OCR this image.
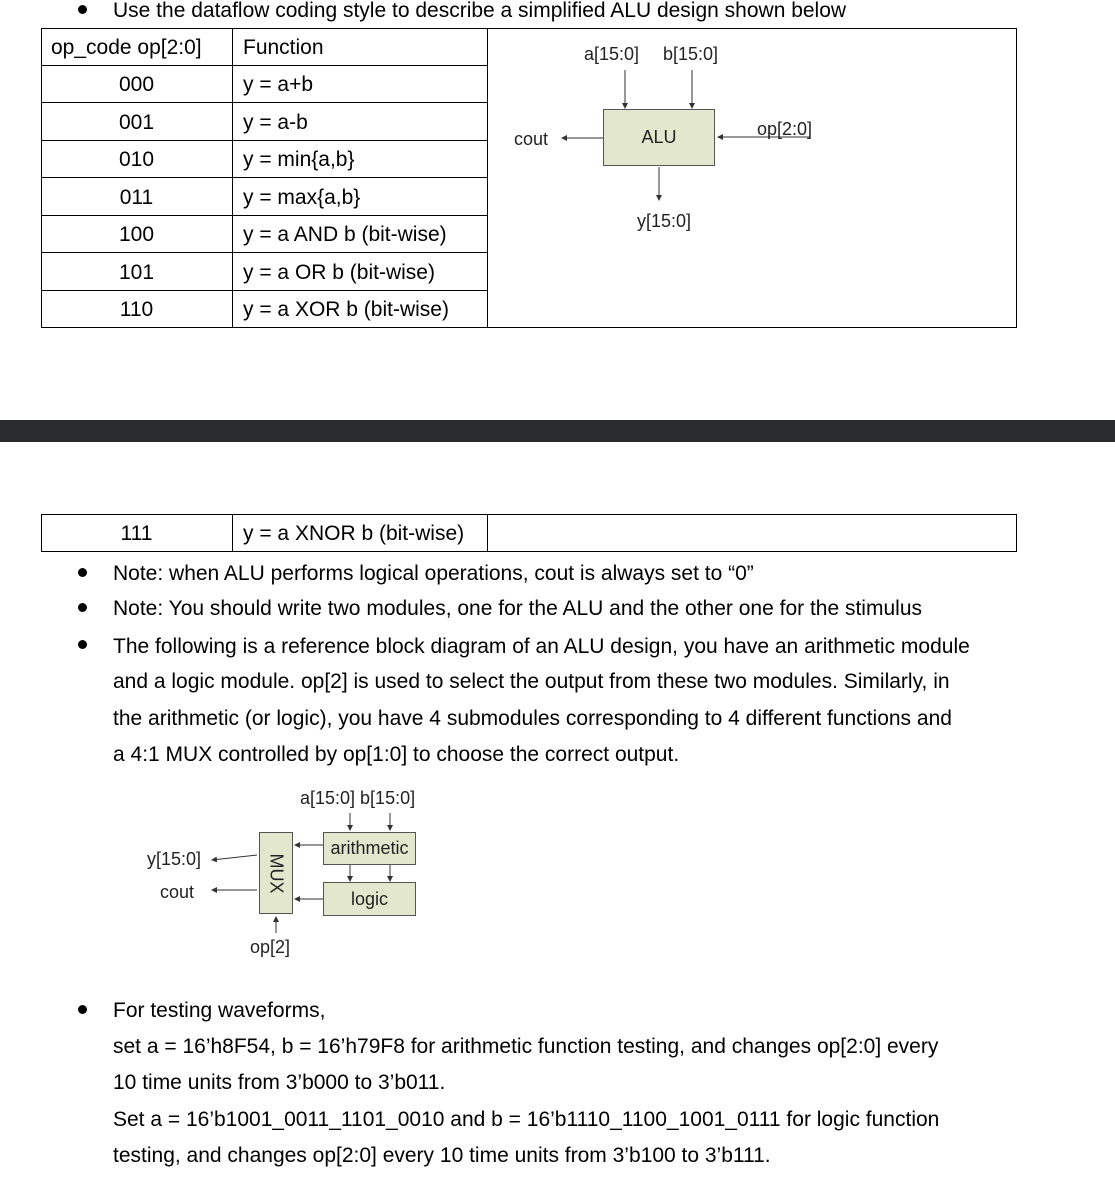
Use the dataflow coding style to describe a simplified ALU design shown below
op_code op[2:0] Function
000	y = a+b
001	y = a-b
010	y = min{a,b}
011	y = max{a,b}
100	y = a AND b (bit-wise)
101	y = a OR b (bit-wise)
110	y = a XOR b (bit-wise)
a[15:0] b[15:0]
ALU
cout	op[2:0]
y[15:0]
111	y = a XNOR b (bit-wise)
Note: when ALU performs logical operations, cout is always set to “0”
Note: You should write two modules, one for the ALU and the other one for the stimulus
The following is a reference block diagram of an ALU design, you have an arithmetic module
and a logic module. op[2] is used to select the output from these two modules. Similarly, in
the arithmetic (or logic), you have 4 submodules corresponding to 4 different functions and
a 4:1 MUX controlled by op[1:0] to choose the correct output.
a[15:0] b[15:0]
arithmetic
logic
MUX
y[15:0]
cout
op[2]
For testing waveforms,
set a = 16’h8F54, b = 16’h79F8 for arithmetic function testing, and changes op[2:0] every
10 time units from 3’b000 to 3’b011.
Set a = 16’b1001_0011_1101_0010 and b = 16’b1110_1100_1001_0111 for logic function
testing, and changes op[2:0] every 10 time units from 3’b100 to 3’b111.
